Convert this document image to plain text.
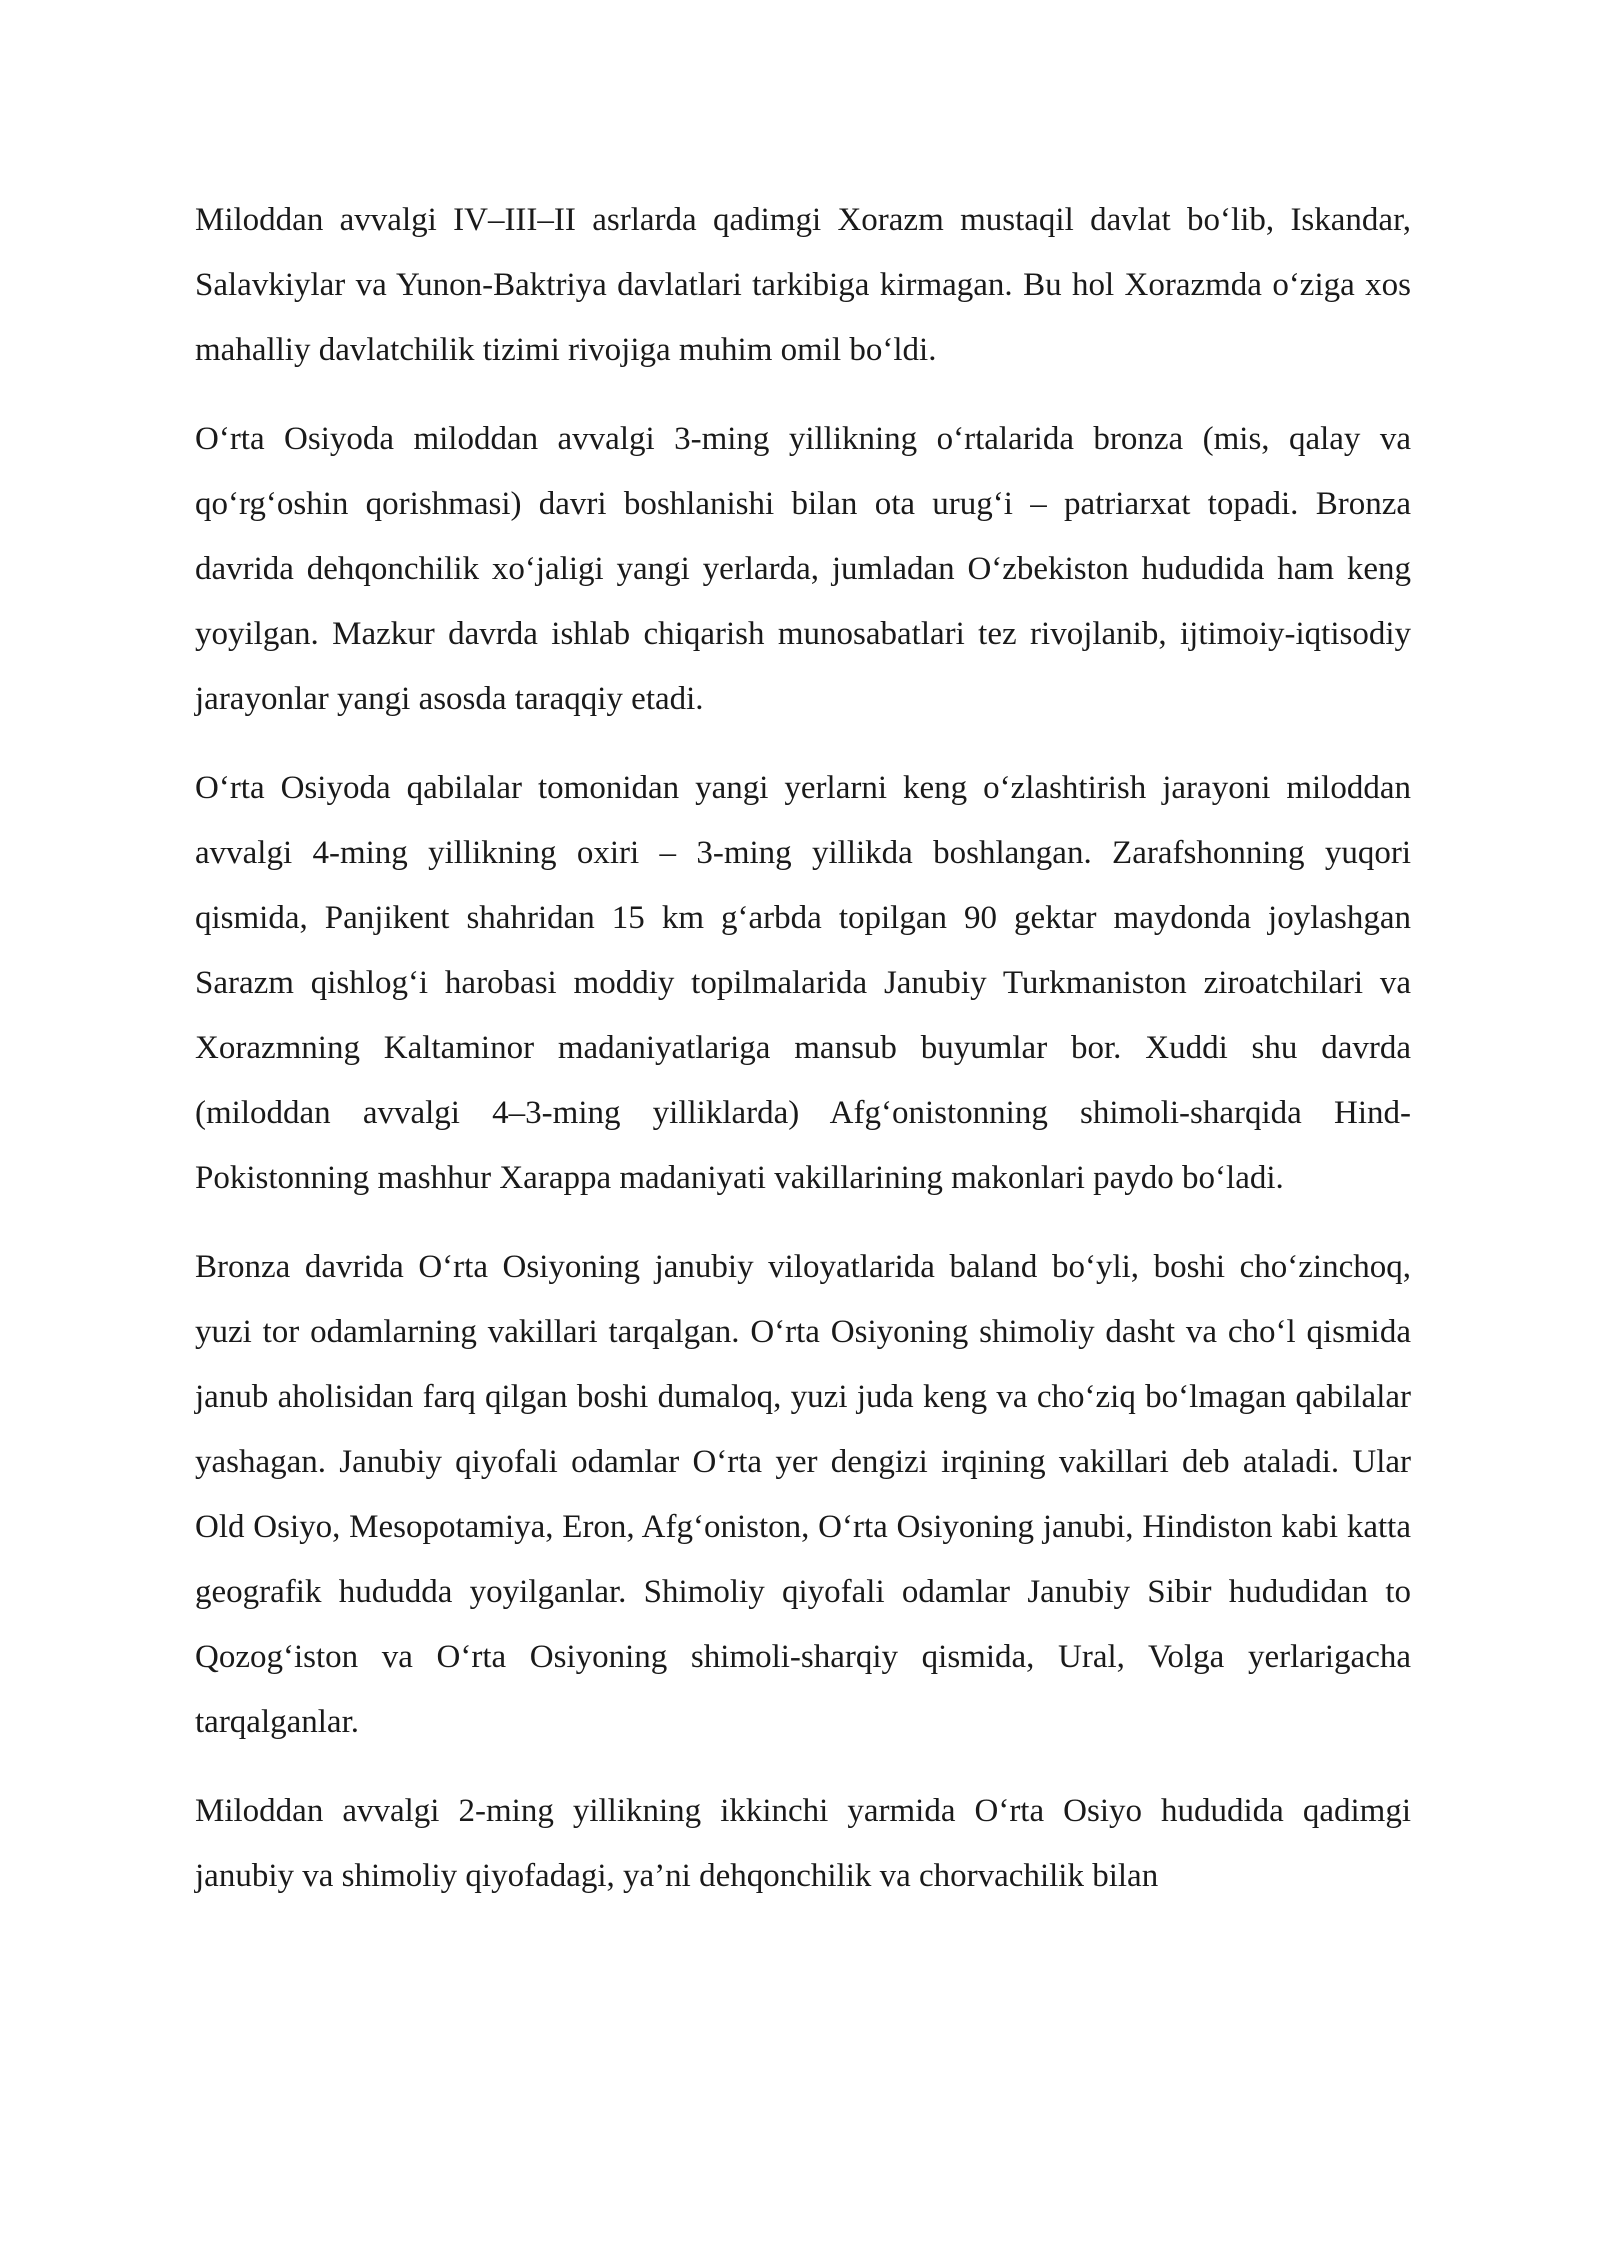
Miloddan avvalgi IV–III–II asrlarda qadimgi Xorazm mustaqil davlat bo‘lib, Iskandar, Salavkiylar va Yunon-Baktriya davlatlari tarkibiga kirmagan. Bu hol Xorazmda o‘ziga xos mahalliy davlatchilik tizimi rivojiga muhim omil bo‘ldi.

O‘rta Osiyoda miloddan avvalgi 3-ming yillikning o‘rtalarida bronza (mis, qalay va qo‘rg‘oshin qorishmasi) davri boshlanishi bilan ota urug‘i – patriarxat topadi. Bronza davrida dehqonchilik xo‘jaligi yangi yerlarda, jumladan O‘zbekiston hududida ham keng yoyilgan. Mazkur davrda ishlab chiqarish munosabatlari tez rivojlanib, ijtimoiy-iqtisodiy jarayonlar yangi asosda taraqqiy etadi.

O‘rta Osiyoda qabilalar tomonidan yangi yerlarni keng o‘zlashtirish jarayoni miloddan avvalgi 4-ming yillikning oxiri – 3-ming yillikda boshlangan. Zarafshonning yuqori qismida, Panjikent shahridan 15 km g‘arbda topilgan 90 gektar maydonda joylashgan Sarazm qishlog‘i harobasi moddiy topilmalarida Janubiy Turkmaniston ziroatchilari va Xorazmning Kaltaminor madaniyatlariga mansub buyumlar bor. Xuddi shu davrda (miloddan avvalgi 4–3-ming yilliklarda) Afg‘onistonning shimoli-sharqida Hind-Pokistonning mashhur Xarappa madaniyati vakillarining makonlari paydo bo‘ladi.

Bronza davrida O‘rta Osiyoning janubiy viloyatlarida baland bo‘yli, boshi cho‘zinchoq, yuzi tor odamlarning vakillari tarqalgan. O‘rta Osiyoning shimoliy dasht va cho‘l qismida janub aholisidan farq qilgan boshi dumaloq, yuzi juda keng va cho‘ziq bo‘lmagan qabilalar yashagan. Janubiy qiyofali odamlar O‘rta yer dengizi irqining vakillari deb ataladi. Ular Old Osiyo, Mesopotamiya, Eron, Afg‘oniston, O‘rta Osiyoning janubi, Hindiston kabi katta geografik hududda yoyilganlar. Shimoliy qiyofali odamlar Janubiy Sibir hududidan to Qozog‘iston va O‘rta Osiyoning shimoli-sharqiy qismida, Ural, Volga yerlarigacha tarqalganlar.

Miloddan avvalgi 2-ming yillikning ikkinchi yarmida O‘rta Osiyo hududida qadimgi janubiy va shimoliy qiyofadagi, ya’ni dehqonchilik va chorvachilik bilan
